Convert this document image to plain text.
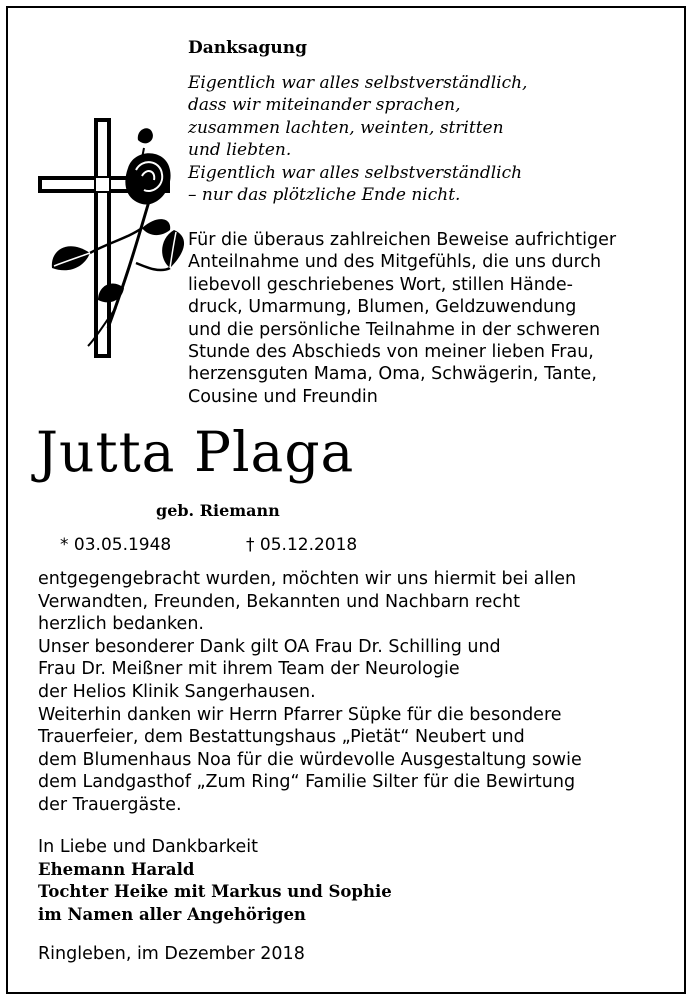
Danksagung
Eigentlich war alles selbstverständlich,
dass wir miteinander sprachen,
zusammen lachten, weinten, stritten
und liebten.
Eigentlich war alles selbstverständlich
– nur das plötzliche Ende nicht.
Für die überaus zahlreichen Beweise aufrichtiger
Anteilnahme und des Mitgefühls, die uns durch
liebevoll geschriebenes Wort, stillen Hände-
druck, Umarmung, Blumen, Geldzuwendung
und die persönliche Teilnahme in der schweren
Stunde des Abschieds von meiner lieben Frau,
herzensguten Mama, Oma, Schwägerin, Tante,
Cousine und Freundin
Jutta Plaga
geb. Riemann
* 03.05.1948	† 05.12.2018
entgegengebracht wurden, möchten wir uns hiermit bei allen
Verwandten, Freunden, Bekannten und Nachbarn recht
herzlich bedanken.
Unser besonderer Dank gilt OA Frau Dr. Schilling und
Frau Dr. Meißner mit ihrem Team der Neurologie
der Helios Klinik Sangerhausen.
Weiterhin danken wir Herrn Pfarrer Süpke für die besondere
Trauerfeier, dem Bestattungshaus „Pietät“ Neubert und
dem Blumenhaus Noa für die würdevolle Ausgestaltung sowie
dem Landgasthof „Zum Ring“ Familie Silter für die Bewirtung
der Trauergäste.
In Liebe und Dankbarkeit
Ehemann Harald
Tochter Heike mit Markus und Sophie
im Namen aller Angehörigen
Ringleben, im Dezember 2018
